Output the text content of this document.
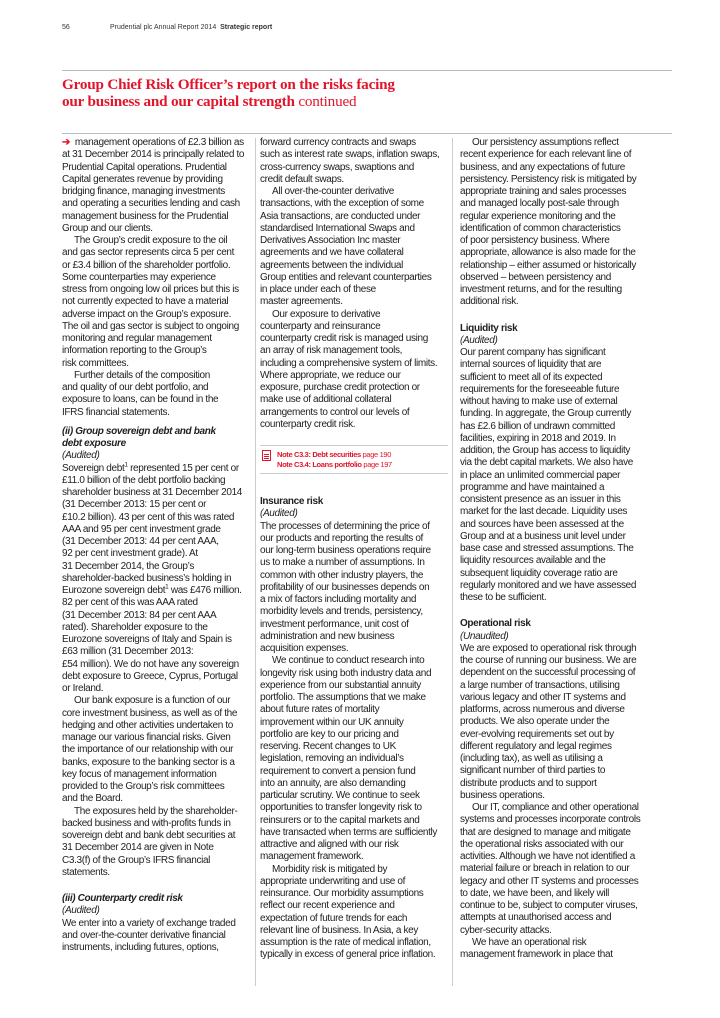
56	Prudential plc Annual Report 2014 Strategic report
Group Chief Risk Officer’s report on the risks facing
our business and our capital strength continued

➔ management operations of £2.3 billion as
at 31 December 2014 is principally related to
Prudential Capital operations. Prudential
Capital generates revenue by providing
bridging finance, managing investments
and operating a securities lending and cash
management business for the Prudential
Group and our clients.

The Group’s credit exposure to the oil
and gas sector represents circa 5 per cent
or £3.4 billion of the shareholder portfolio.
Some counterparties may experience
stress from ongoing low oil prices but this is
not currently expected to have a material
adverse impact on the Group’s exposure.
The oil and gas sector is subject to ongoing
monitoring and regular management
information reporting to the Group’s
risk committees.

Further details of the composition
and quality of our debt portfolio, and
exposure to loans, can be found in the
IFRS financial statements.

(ii) Group sovereign debt and bank
debt exposure

(Audited)

Sovereign debt$^1$ represented 15 per cent or
£11.0 billion of the debt portfolio backing
shareholder business at 31 December 2014
(31 December 2013: 15 per cent or
£10.2 billion). 43 per cent of this was rated
AAA and 95 per cent investment grade
(31 December 2013: 44 per cent AAA,
92 per cent investment grade). At
31 December 2014, the Group’s
shareholder-backed business’s holding in
Eurozone sovereign debt$^1$ was £476 million.
82 per cent of this was AAA rated
(31 December 2013: 84 per cent AAA
rated). Shareholder exposure to the
Eurozone sovereigns of Italy and Spain is
£63 million (31 December 2013:
£54 million). We do not have any sovereign
debt exposure to Greece, Cyprus, Portugal
or Ireland.

Our bank exposure is a function of our
core investment business, as well as of the
hedging and other activities undertaken to
manage our various financial risks. Given
the importance of our relationship with our
banks, exposure to the banking sector is a
key focus of management information
provided to the Group’s risk committees
and the Board.

The exposures held by the shareholder-
backed business and with-profits funds in
sovereign debt and bank debt securities at
31 December 2014 are given in Note
C3.3(f) of the Group’s IFRS financial
statements.

(iii) Counterparty credit risk

(Audited)

We enter into a variety of exchange traded
and over-the-counter derivative financial
instruments, including futures, options,

forward currency contracts and swaps
such as interest rate swaps, inflation swaps,
cross-currency swaps, swaptions and
credit default swaps.

All over-the-counter derivative
transactions, with the exception of some
Asia transactions, are conducted under
standardised International Swaps and
Derivatives Association Inc master
agreements and we have collateral
agreements between the individual
Group entities and relevant counterparties
in place under each of these
master agreements.

Our exposure to derivative
counterparty and reinsurance
counterparty credit risk is managed using
an array of risk management tools,
including a comprehensive system of limits.
Where appropriate, we reduce our
exposure, purchase credit protection or
make use of additional collateral
arrangements to control our levels of
counterparty credit risk.

Note C3.3: Debt securities page 190
Note C3.4: Loans portfolio page 197

Insurance risk

(Audited)

The processes of determining the price of
our products and reporting the results of
our long-term business operations require
us to make a number of assumptions. In
common with other industry players, the
profitability of our businesses depends on
a mix of factors including mortality and
morbidity levels and trends, persistency,
investment performance, unit cost of
administration and new business
acquisition expenses.

We continue to conduct research into
longevity risk using both industry data and
experience from our substantial annuity
portfolio. The assumptions that we make
about future rates of mortality
improvement within our UK annuity
portfolio are key to our pricing and
reserving. Recent changes to UK
legislation, removing an individual’s
requirement to convert a pension fund
into an annuity, are also demanding
particular scrutiny. We continue to seek
opportunities to transfer longevity risk to
reinsurers or to the capital markets and
have transacted when terms are sufficiently
attractive and aligned with our risk
management framework.

Morbidity risk is mitigated by
appropriate underwriting and use of
reinsurance. Our morbidity assumptions
reflect our recent experience and
expectation of future trends for each
relevant line of business. In Asia, a key
assumption is the rate of medical inflation,
typically in excess of general price inflation.

Our persistency assumptions reflect
recent experience for each relevant line of
business, and any expectations of future
persistency. Persistency risk is mitigated by
appropriate training and sales processes
and managed locally post-sale through
regular experience monitoring and the
identification of common characteristics
of poor persistency business. Where
appropriate, allowance is also made for the
relationship – either assumed or historically
observed – between persistency and
investment returns, and for the resulting
additional risk.

Liquidity risk

(Audited)

Our parent company has significant
internal sources of liquidity that are
sufficient to meet all of its expected
requirements for the foreseeable future
without having to make use of external
funding. In aggregate, the Group currently
has £2.6 billion of undrawn committed
facilities, expiring in 2018 and 2019. In
addition, the Group has access to liquidity
via the debt capital markets. We also have
in place an unlimited commercial paper
programme and have maintained a
consistent presence as an issuer in this
market for the last decade. Liquidity uses
and sources have been assessed at the
Group and at a business unit level under
base case and stressed assumptions. The
liquidity resources available and the
subsequent liquidity coverage ratio are
regularly monitored and we have assessed
these to be sufficient.

Operational risk

(Unaudited)

We are exposed to operational risk through
the course of running our business. We are
dependent on the successful processing of
a large number of transactions, utilising
various legacy and other IT systems and
platforms, across numerous and diverse
products. We also operate under the
ever-evolving requirements set out by
different regulatory and legal regimes
(including tax), as well as utilising a
significant number of third parties to
distribute products and to support
business operations.

Our IT, compliance and other operational
systems and processes incorporate controls
that are designed to manage and mitigate
the operational risks associated with our
activities. Although we have not identified a
material failure or breach in relation to our
legacy and other IT systems and processes
to date, we have been, and likely will
continue to be, subject to computer viruses,
attempts at unauthorised access and
cyber-security attacks.

We have an operational risk
management framework in place that
